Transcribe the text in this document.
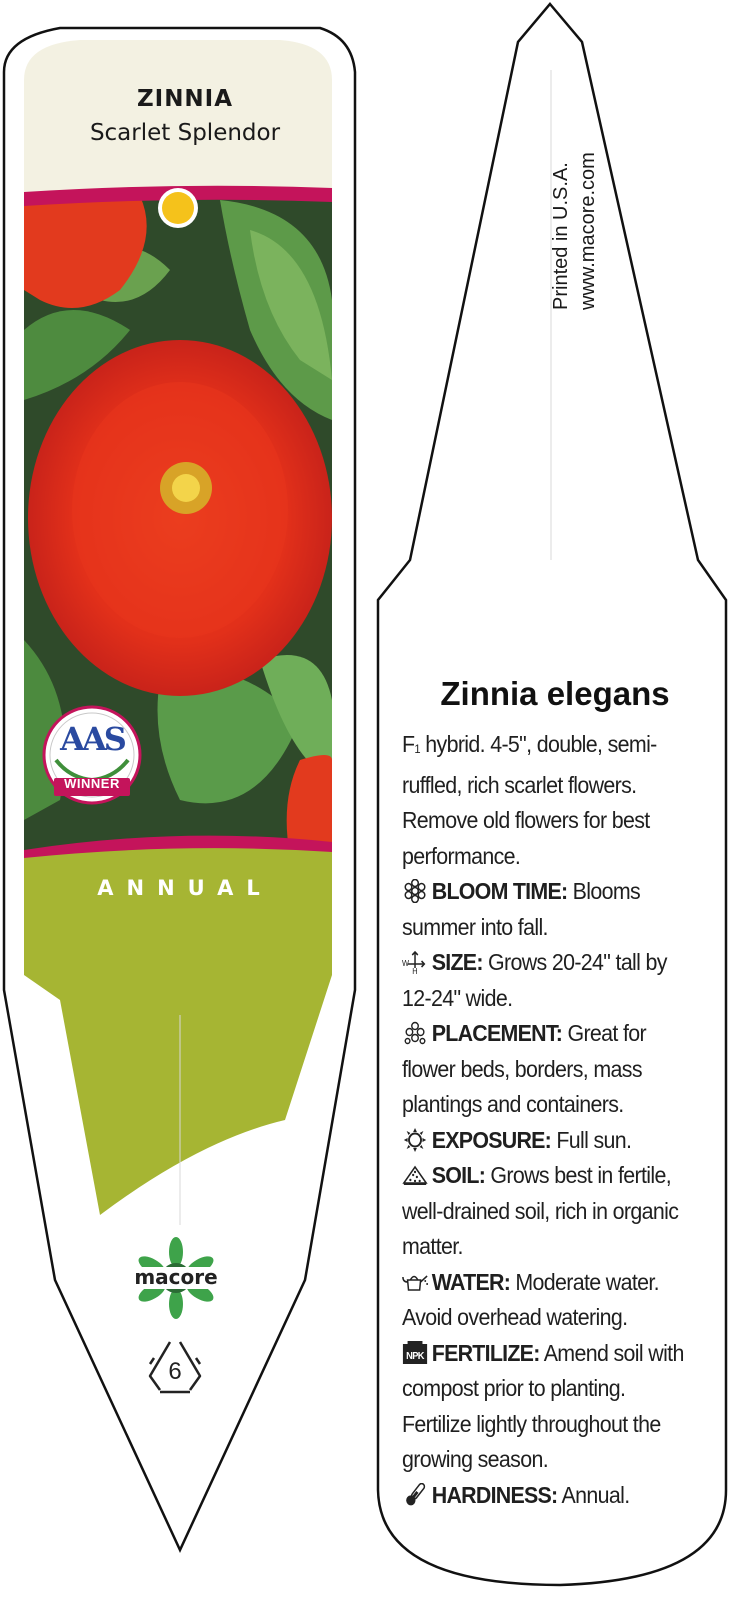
ZINNIA
Scarlet Splendor
AAS
WINNER
ANNUAL
macore
6
Printed in U.S.A. www.macore.com
Zinnia elegans

F1 hybrid. 4-5", double, semi-ruffled, rich scarlet flowers. Remove old flowers for best performance.

BLOOM TIME: Blooms summer into fall.

W
H SIZE: Grows 20-24" tall by 12-24" wide.

PLACEMENT: Great for flower beds, borders, mass plantings and containers.

EXPOSURE: Full sun.

SOIL: Grows best in fertile, well-drained soil, rich in organic matter.

WATER: Moderate water. Avoid overhead watering.

NPK FERTILIZE: Amend soil with compost prior to planting. Fertilize lightly throughout the growing season.

HARDINESS: Annual.
